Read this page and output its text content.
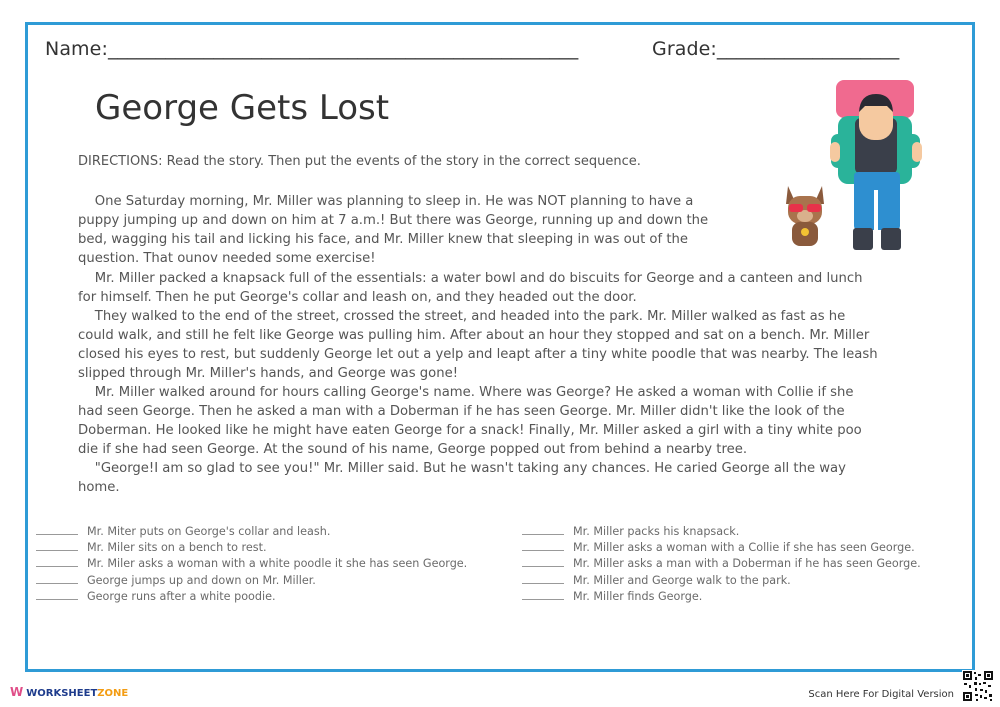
Name:_________________________________________________	Grade:___________________
George Gets Lost
DIRECTIONS: Read the story. Then put the events of the story in the correct sequence.
One Saturday morning, Mr. Miller was planning to sleep in. He was NOT planning to have a
puppy jumping up and down on him at 7 a.m.! But there was George, running up and down the
bed, wagging his tail and licking his face, and Mr. Miller knew that sleeping in was out of the
question. That ounov needed some exercise!
Mr. Miller packed a knapsack full of the essentials: a water bowl and do biscuits for George and a canteen and lunch
for himself. Then he put George's collar and leash on, and they headed out the door.
They walked to the end of the street, crossed the street, and headed into the park. Mr. Miller walked as fast as he
could walk, and still he felt like George was pulling him. After about an hour they stopped and sat on a bench. Mr. Miller
closed his eyes to rest, but suddenly George let out a yelp and leapt after a tiny white poodle that was nearby. The leash
slipped through Mr. Miller's hands, and George was gone!
Mr. Miller walked around for hours calling George's name. Where was George? He asked a woman with Collie if she
had seen George. Then he asked a man with a Doberman if he has seen George. Mr. Miller didn't like the look of the
Doberman. He looked like he might have eaten George for a snack! Finally, Mr. Miller asked a girl with a tiny white poo
die if she had seen George. At the sound of his name, George popped out from behind a nearby tree.
"George!I am so glad to see you!" Mr. Miller said. But he wasn't taking any chances. He caried George all the way
home.
Mr. Miter puts on George's collar and leash.
Mr. Miler sits on a bench to rest.
Mr. Miler asks a woman with a white poodle it she has seen George.
George jumps up and down on Mr. Miller.
George runs after a white poodie.
Mr. Miller packs his knapsack.
Mr. Miller asks a woman with a Collie if she has seen George.
Mr. Miller asks a man with a Doberman if he has seen George.
Mr. Miller and George walk to the park.
Mr. Miller finds George.
W WORKSHEETZONE	Scan Here For Digital Version
